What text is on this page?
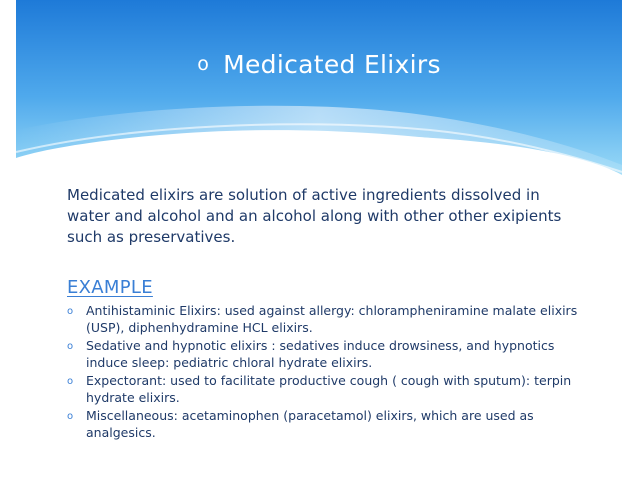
o Medicated Elixirs
Medicated elixirs are solution of active ingredients dissolved in water and alcohol and an alcohol along with other other exipients such as preservatives.
EXAMPLE
o Antihistaminic Elixirs: used against allergy: chloramphenir​amine malate elixirs (USP), diphenhydramine HCL elixirs.
o Sedative and hypnotic elixirs : sedatives induce drowsiness, and hypnotics induce sleep: pediatric chloral hydrate elixirs.
o Expectorant: used to facilitate productive cough ( cough with sputum): terpin hydrate elixirs.
o Miscellaneous: acetaminophen (paracetamol) elixirs, which are used as analgesics.
